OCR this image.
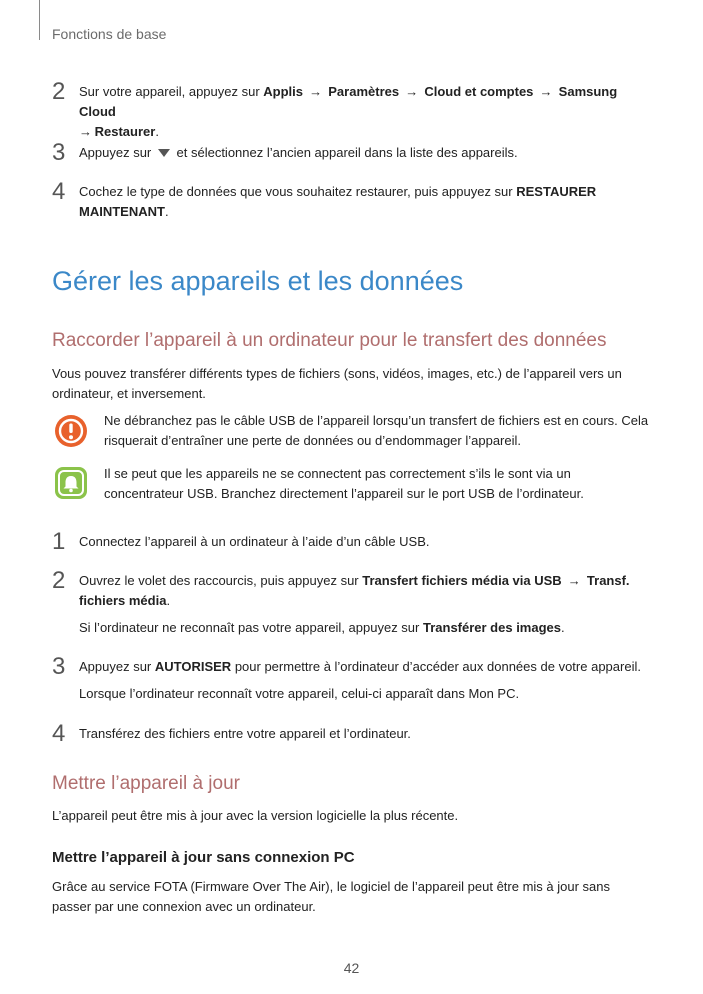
Fonctions de base
2	Sur votre appareil, appuyez sur Applis → Paramètres → Cloud et comptes → Samsung Cloud
→ Restaurer.
3	Appuyez sur et sélectionnez l’ancien appareil dans la liste des appareils.
4	Cochez le type de données que vous souhaitez restaurer, puis appuyez sur RESTAURER MAINTENANT.
Gérer les appareils et les données
Raccorder l’appareil à un ordinateur pour le transfert des données
Vous pouvez transférer différents types de fichiers (sons, vidéos, images, etc.) de l’appareil vers un ordinateur, et inversement.
Ne débranchez pas le câble USB de l’appareil lorsqu’un transfert de fichiers est en cours. Cela risquerait d’entraîner une perte de données ou d’endommager l’appareil.
Il se peut que les appareils ne se connectent pas correctement s’ils le sont via un concentrateur USB. Branchez directement l’appareil sur le port USB de l’ordinateur.
1	Connectez l’appareil à un ordinateur à l’aide d’un câble USB.
2	Ouvrez le volet des raccourcis, puis appuyez sur Transfert fichiers média via USB → Transf. fichiers média.
Si l’ordinateur ne reconnaît pas votre appareil, appuyez sur Transférer des images.
3	Appuyez sur AUTORISER pour permettre à l’ordinateur d’accéder aux données de votre appareil.
Lorsque l’ordinateur reconnaît votre appareil, celui-ci apparaît dans Mon PC.
4	Transférez des fichiers entre votre appareil et l’ordinateur.
Mettre l’appareil à jour
L’appareil peut être mis à jour avec la version logicielle la plus récente.
Mettre l’appareil à jour sans connexion PC
Grâce au service FOTA (Firmware Over The Air), le logiciel de l’appareil peut être mis à jour sans passer par une connexion avec un ordinateur.
42
